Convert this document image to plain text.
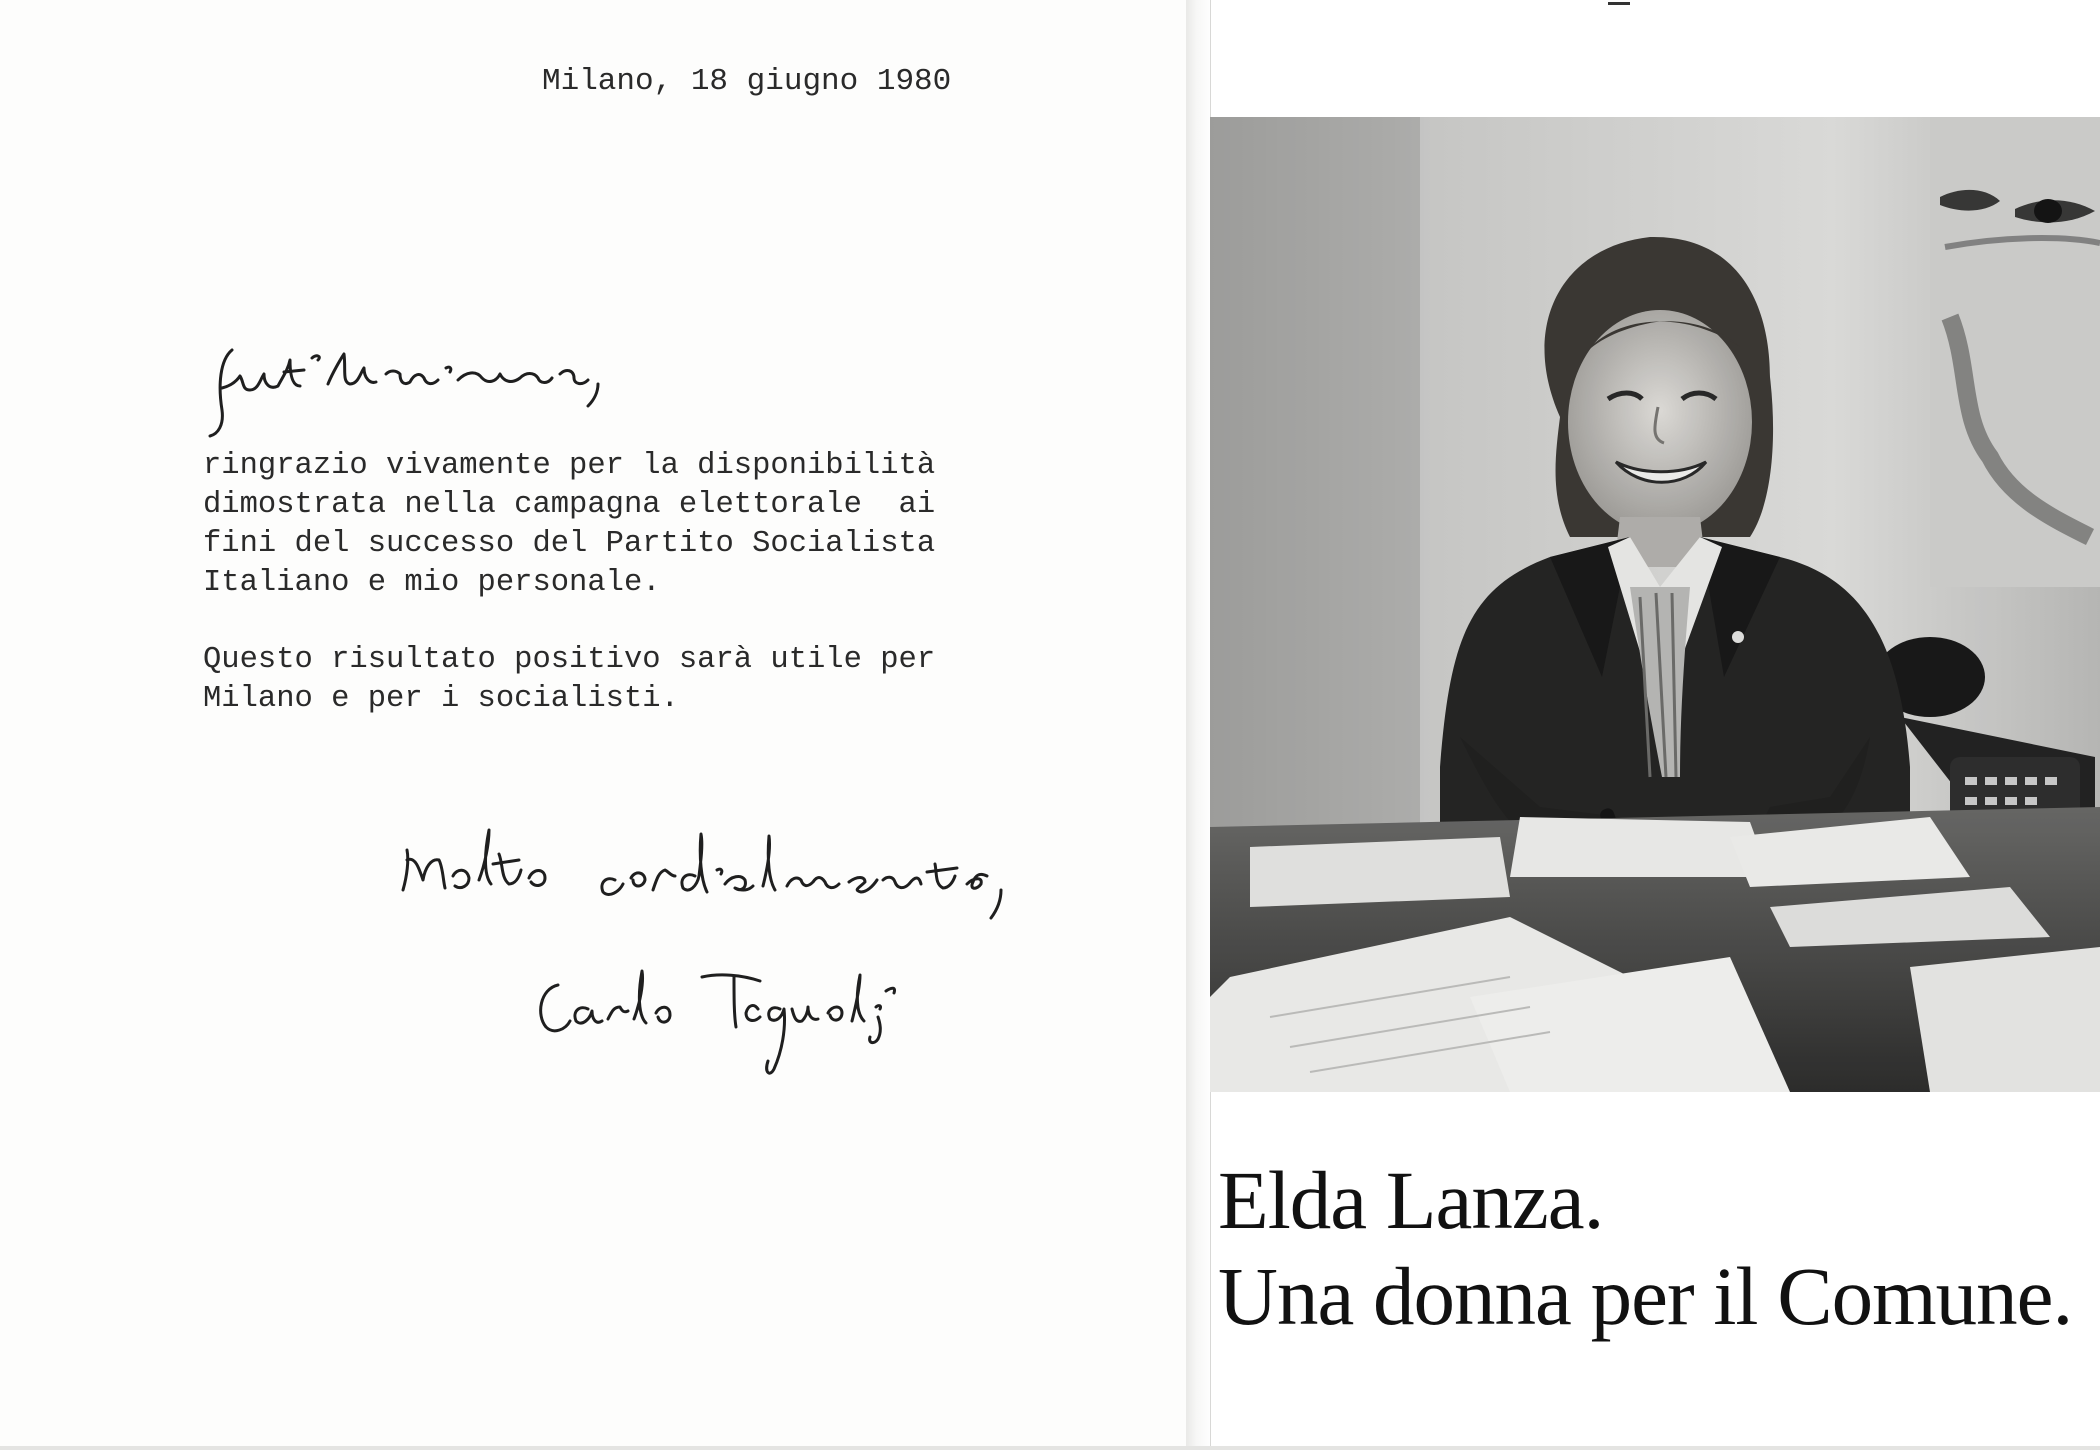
Milano, 18 giugno 1980

ringrazio vivamente per la disponibilità
dimostrata nella campagna elettorale  ai
fini del successo del Partito Socialista
Italiano e mio personale.

Questo risultato positivo sarà utile per
Milano e per i socialisti.

Elda Lanza.
Una donna per il Comune.
